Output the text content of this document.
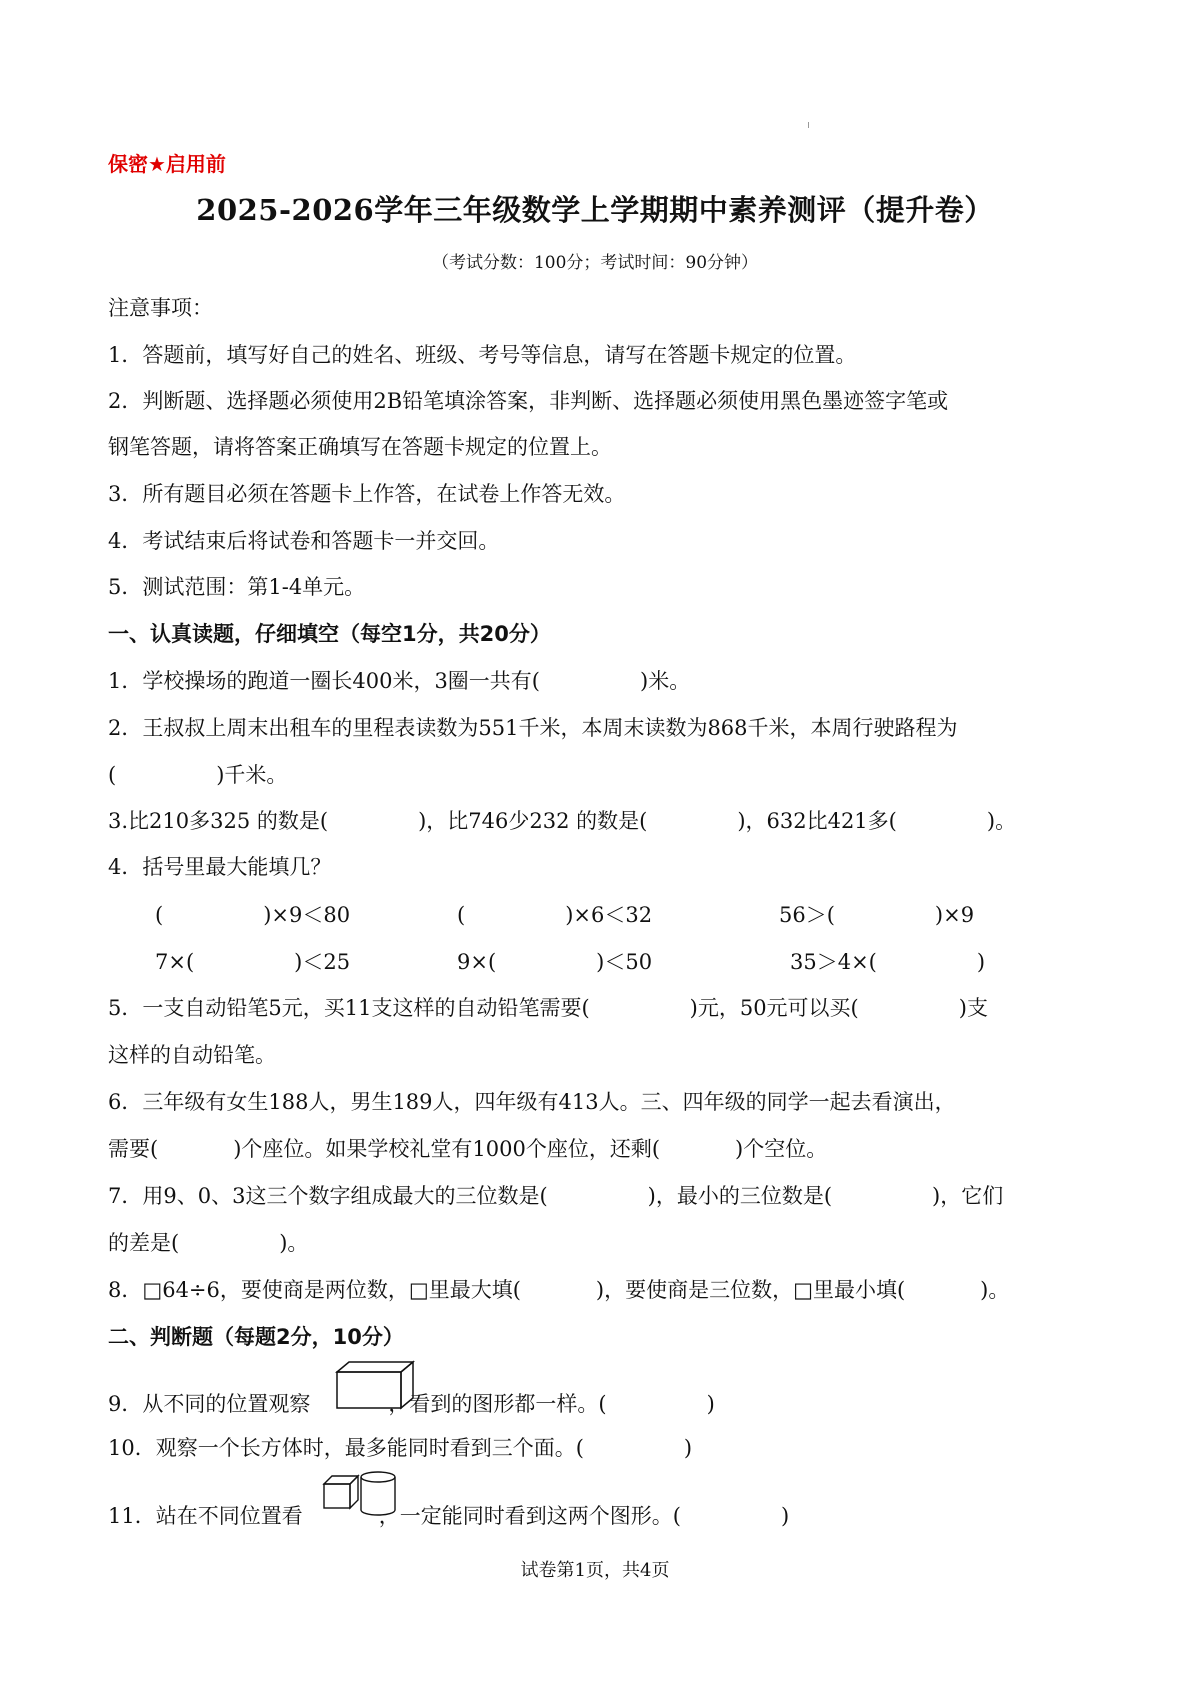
保密★启用前
2025-2026学年三年级数学上学期期中素养测评（提升卷）
（考试分数：100分；考试时间：90分钟）
注意事项：
1．答题前，填写好自己的姓名、班级、考号等信息，请写在答题卡规定的位置。
2．判断题、选择题必须使用2B铅笔填涂答案，非判断、选择题必须使用黑色墨迹签字笔或
钢笔答题，请将答案正确填写在答题卡规定的位置上。
3．所有题目必须在答题卡上作答，在试卷上作答无效。
4．考试结束后将试卷和答题卡一并交回。
5．测试范围：第1-4单元。
一、认真读题，仔细填空（每空1分，共20分）
1．学校操场的跑道一圈长400米，3圈一共有(	)米。
2．王叔叔上周末出租车的里程表读数为551千米，本周末读数为868千米，本周行驶路程为
(	)千米。
3.比210多325 的数是(	)，比746少232 的数是(	)，632比421多(	)。
4．括号里最大能填几？
(	)×9＜80	(	)×6＜32	56＞(	)×9
7×(	)＜25	9×(	)＜50	35＞4×(	)
5．一支自动铅笔5元，买11支这样的自动铅笔需要(	)元，50元可以买(	)支
这样的自动铅笔。
6．三年级有女生188人，男生189人，四年级有413人。三、四年级的同学一起去看演出，
需要(	)个座位。如果学校礼堂有1000个座位，还剩(	)个空位。
7．用9、0、3这三个数字组成最大的三位数是(	)，最小的三位数是(	)，它们
的差是(	)。
8．□64÷6，要使商是两位数，□里最大填(	)，要使商是三位数，□里最小填(	)。
二、判断题（每题2分，10分）
9．从不同的位置观察	，看到的图形都一样。(	)
10．观察一个长方体时，最多能同时看到三个面。(	)
11．站在不同位置看	，一定能同时看到这两个图形。(	)
试卷第1页，共4页
